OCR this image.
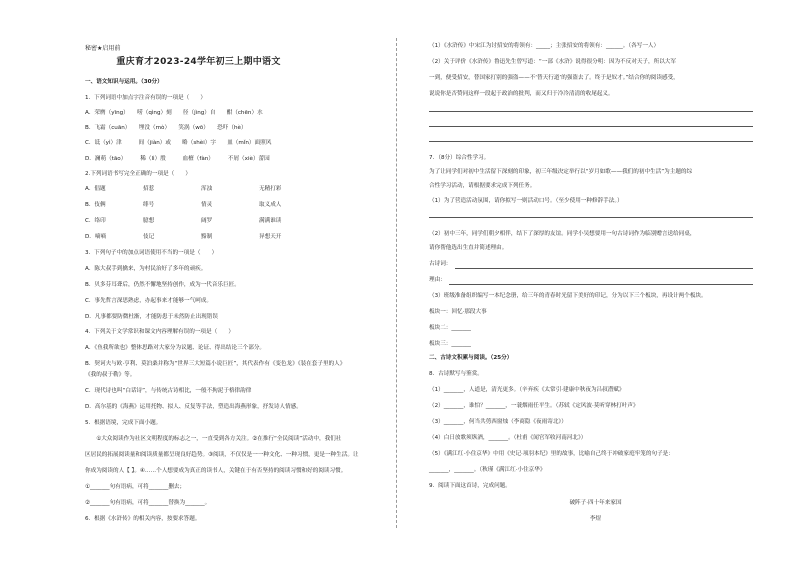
秘密★启用前
重庆育才2023-24学年初三上期中语文
一、语文知识与运用。（30分）
1．下列词语中加点字注音有误的一项是（　　）
A．荣膺（yīng）　　唠（qìng）刻　　径（jìng）自　　酣（chēn）水
B．飞霜（cuān）　　埋没（mò）　　笑涡（wō）　　恐吓（hè）
C．诋（yì）津　　　间（jiàn）或　　略（shèi）字　　皿（mǐn）面照风
D．澜萌（tāo）　　　稀（lì）殷　　　血檀（fàn）　　　不屑（xiè）蕾园
2.下列词语书写完全正确的一项是（　　）
A．倡题	招惹	浑浊	无精打彩
B．伎俩	绯号	情灵	取义成人
C．络印	臆想	阔罗	满满谁读
D．嘀嘀	伎记	黯制	异想天开
3．下列句子中的加点词语使用不当的一项是（　　）
A．陈大叔手到擒来，为村民治好了多年的顽疾。
B．贝多芬耳聋后，仍然不懈地坚持创作，成为一代音乐巨匠。
C．事先哲言深思熟虑，办起事来才能够一气呵成。
D．凡事都要防微杜渐，才能防患于未然防止出现错误
4．下列关于文学常识和课文内容理解有误的一项是（　　）
A．《鱼我所欲也》整体思路对大家分为议题、论证、得出结论三个部分。
B．契诃夫与欧·亨利、莫泊桑并称为“世界三大短篇小说巨匠”，其代表作有《变色龙》《装在套子里的人》
《我的叔于勒》等。
C．现代诗也叫“白话诗”，与传统古诗相比，一般不拘泥于格律韵律
D．高尔基的《海燕》运用托物、拟人、反复等手法，塑造出海燕形象，抒发诗人情感。
5．根据语境，完成下面小题。
　　①大众阅读作为社区文明程度的标志之一，一直受到各方关注。②在推行“全民阅读”活动中，我们社
区居民的拓展阅读量和阅读质量都呈现良好趋势。③阅读，不仅仅是一一种文化、一种习惯，更是一种生活。让
你成为阅读的人【 】。④……个人想要成为真正的读书人，关键在于有否坚持的阅读习惯和好的阅读习惯。
①_______句有语病，可将_______删去；
②_______句有语病，可将_______替换为_______。
6．根据《水浒传》的相关内容，按要求答题。
（1）《水浒传》中宋江为讨招安的将领有：_____；主张招安的将领有：______。（各写一人）
（2）关于评价《水浒传》鲁迅先生曾写道：“一部《水浒》说得很分明：因为不反对天子，所以大军
一到，便受招安，替国家打别的强盗——不‘替天行道’的强盗去了。终于是奴才。”结合你的阅读感受，
说说你是否赞同这样一段起于政治的批判，而又归于冷冷清清的收尾起义。
7．（8分）综合性学习。
为了让同学们对初中生活留下深刻的印象，初三年级决定举行以“岁月如歌——我们的初中生活”为主题的综
合性学习活动，请根据要求完成下列任务。
（1）为了营造活动氛围，请你拟写一则活动口号。（至少使用一种修辞手法。）
（2）初中三年，同学们朝夕相伴，结下了深厚的友谊。同学小吴想要用一句古诗词作为临别赠言送给同桌，
请你帮他选出生直并简述理由。
古诗词：
理由：
（3）班级准备组织编写一本纪念册，给三年的青春时光留下美好的印记，分为以下三个板块，再设计两个板块。
板块一：回忆·那段大事
板块二：_______
板块三：_______
二、古诗文积累与阅读。（25分）
8．古诗默写与鉴赏。
（1）_______，人道是，清光更多。（辛弃疾《太常引·建康中秋夜为吕叔潜赋》
（2）_______，谁怕？_______，一蓑烟雨任平生。（苏轼《定风波·莫听穿林打叶声》
（3）_______，何当共剪西窗烛（李商隐《夜雨寄北》）
（4）白日放歌须纵酒，_______。（杜甫《闻官军收河南河北》）
（5）《满江红·小住京华》中用《史记·项羽本纪》里的故事，比喻自己终于冲破家庭牢笼的句子是：
_______，_______。（秋瑾《满江红·小住京华》
9．阅读下面这首诗，完成问题。
破阵子·四十年来家国
李煜
